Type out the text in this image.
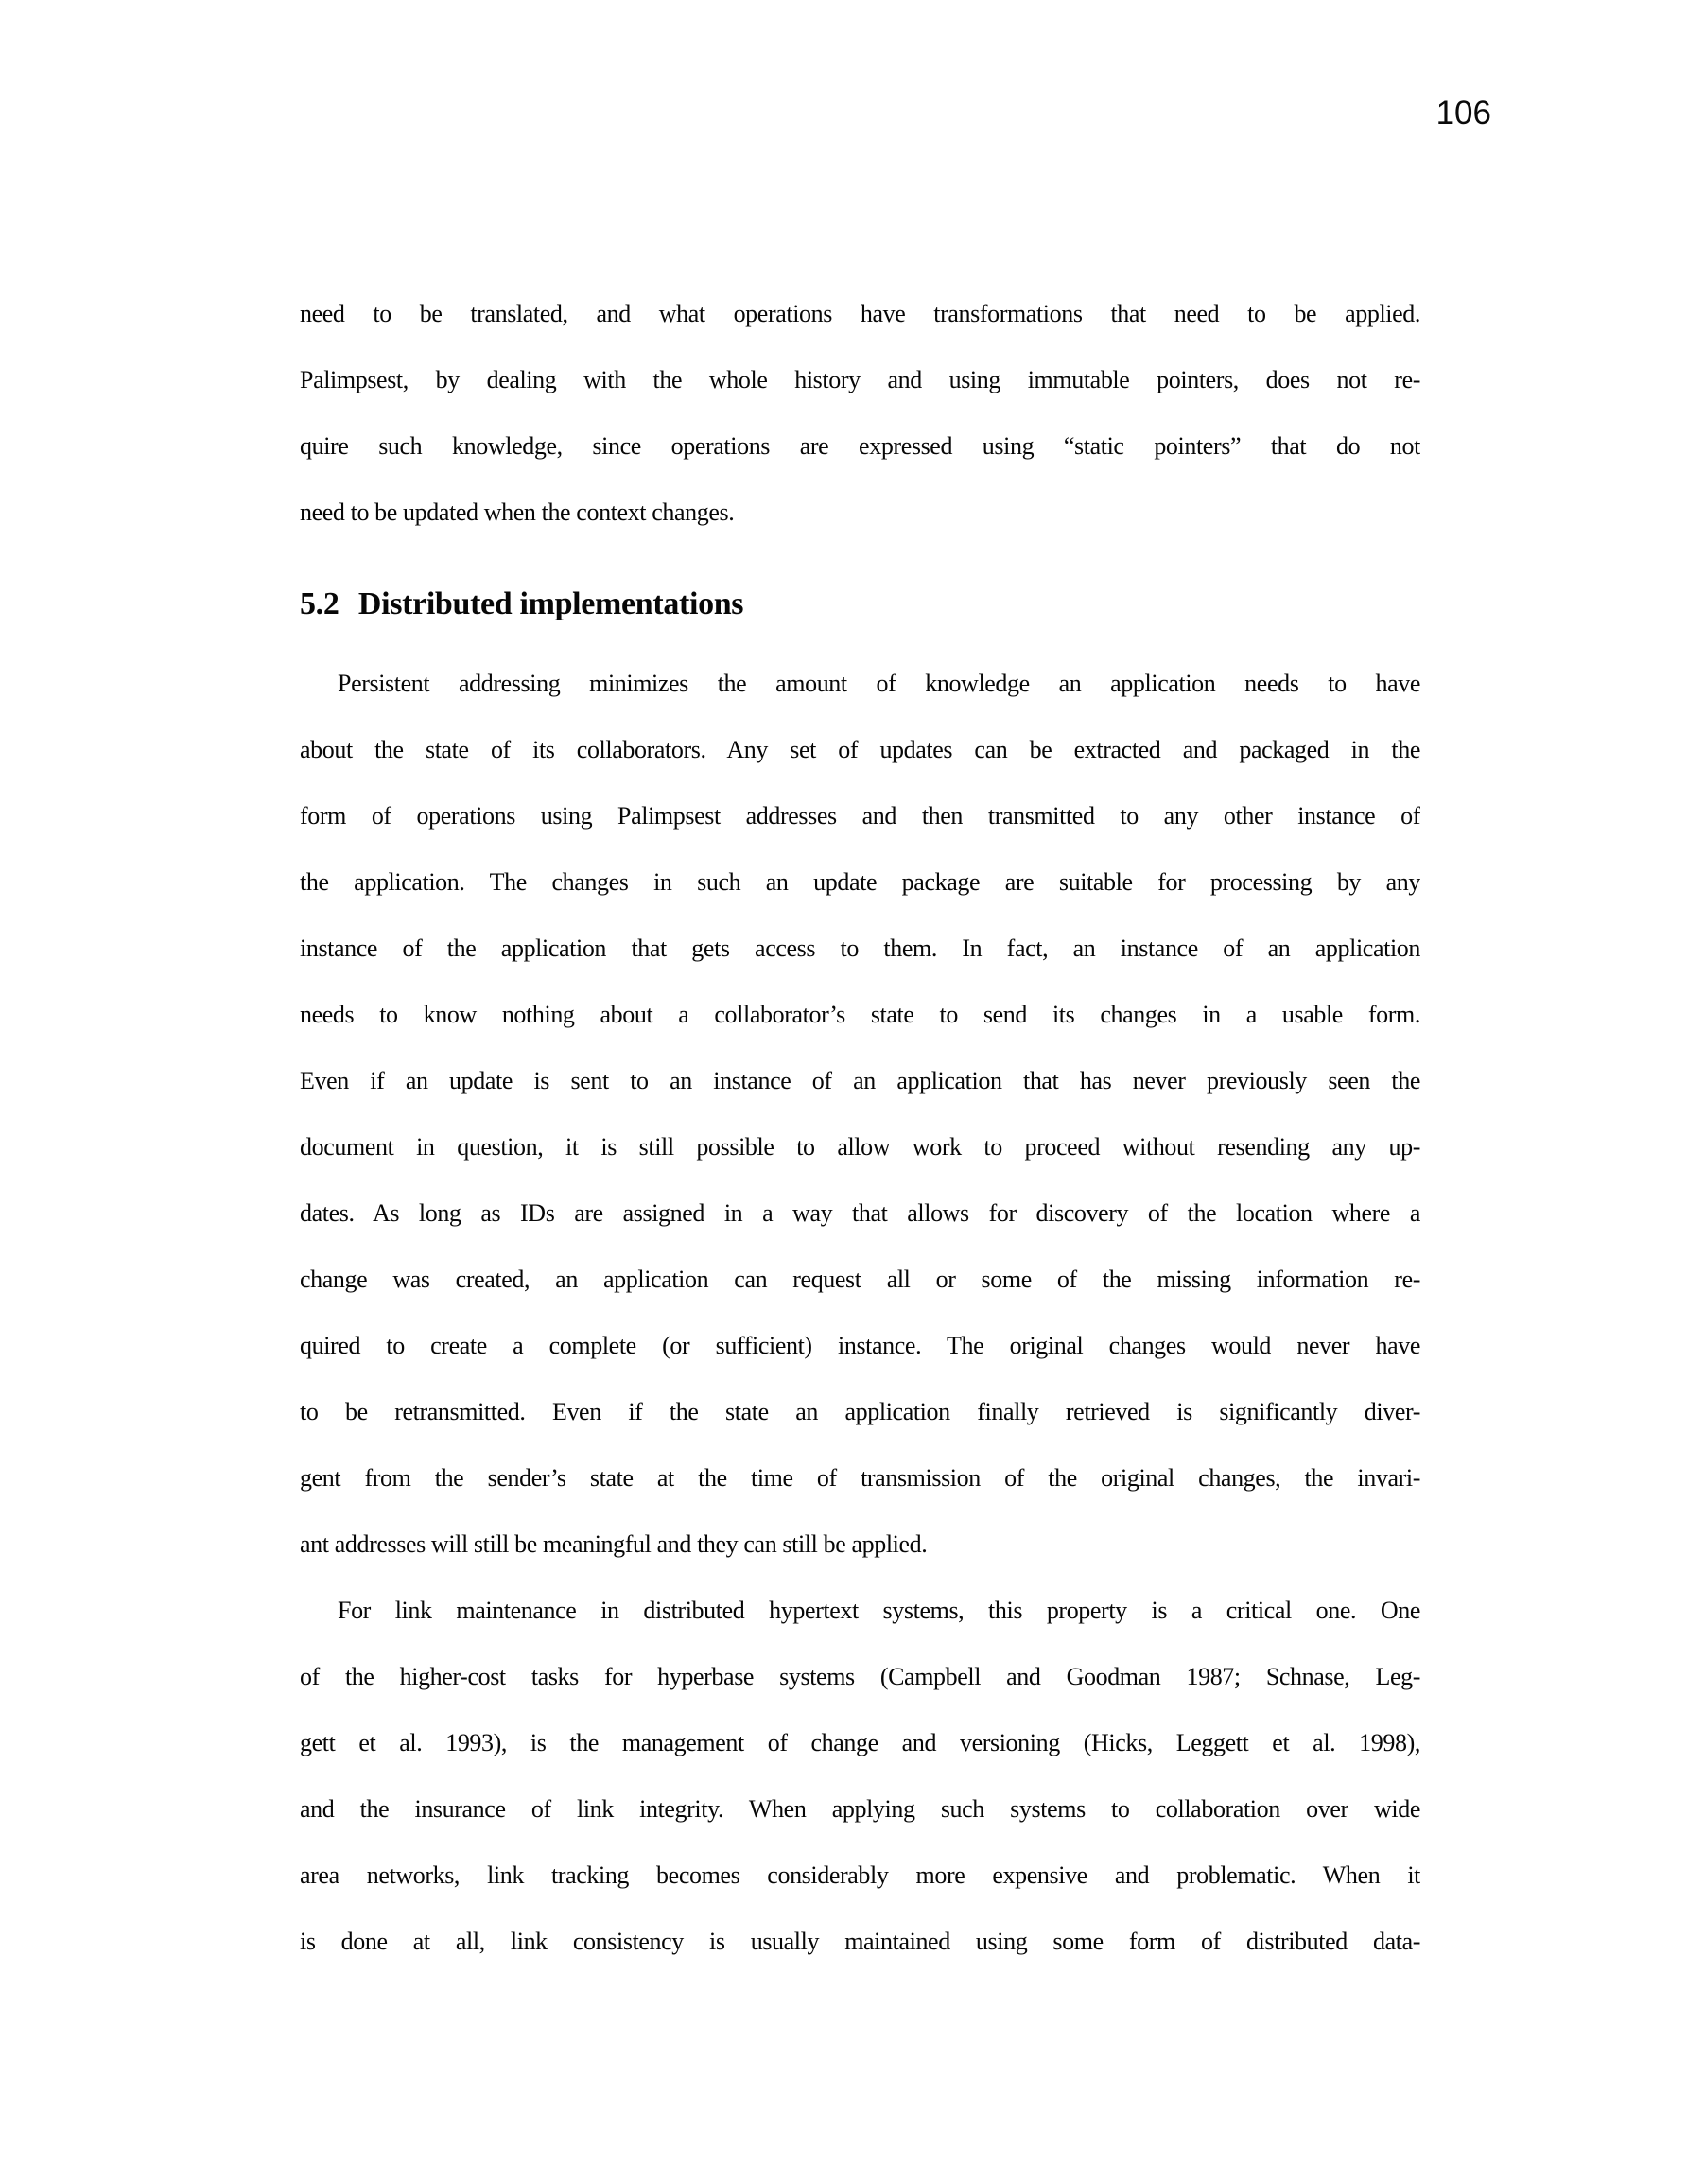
106
need to be translated, and what operations have transformations that need to be applied.
Palimpsest, by dealing with the whole history and using immutable pointers, does not re-
quire such knowledge, since operations are expressed using “static pointers” that do not
need to be updated when the context changes.
5.2 Distributed implementations
Persistent addressing minimizes the amount of knowledge an application needs to have
about the state of its collaborators. Any set of updates can be extracted and packaged in the
form of operations using Palimpsest addresses and then transmitted to any other instance of
the application. The changes in such an update package are suitable for processing by any
instance of the application that gets access to them. In fact, an instance of an application
needs to know nothing about a collaborator’s state to send its changes in a usable form.
Even if an update is sent to an instance of an application that has never previously seen the
document in question, it is still possible to allow work to proceed without resending any up-
dates. As long as IDs are assigned in a way that allows for discovery of the location where a
change was created, an application can request all or some of the missing information re-
quired to create a complete (or sufficient) instance. The original changes would never have
to be retransmitted. Even if the state an application finally retrieved is significantly diver-
gent from the sender’s state at the time of transmission of the original changes, the invari-
ant addresses will still be meaningful and they can still be applied.
For link maintenance in distributed hypertext systems, this property is a critical one. One
of the higher-cost tasks for hyperbase systems (Campbell and Goodman 1987; Schnase, Leg-
gett et al. 1993), is the management of change and versioning (Hicks, Leggett et al. 1998),
and the insurance of link integrity. When applying such systems to collaboration over wide
area networks, link tracking becomes considerably more expensive and problematic. When it
is done at all, link consistency is usually maintained using some form of distributed data-
